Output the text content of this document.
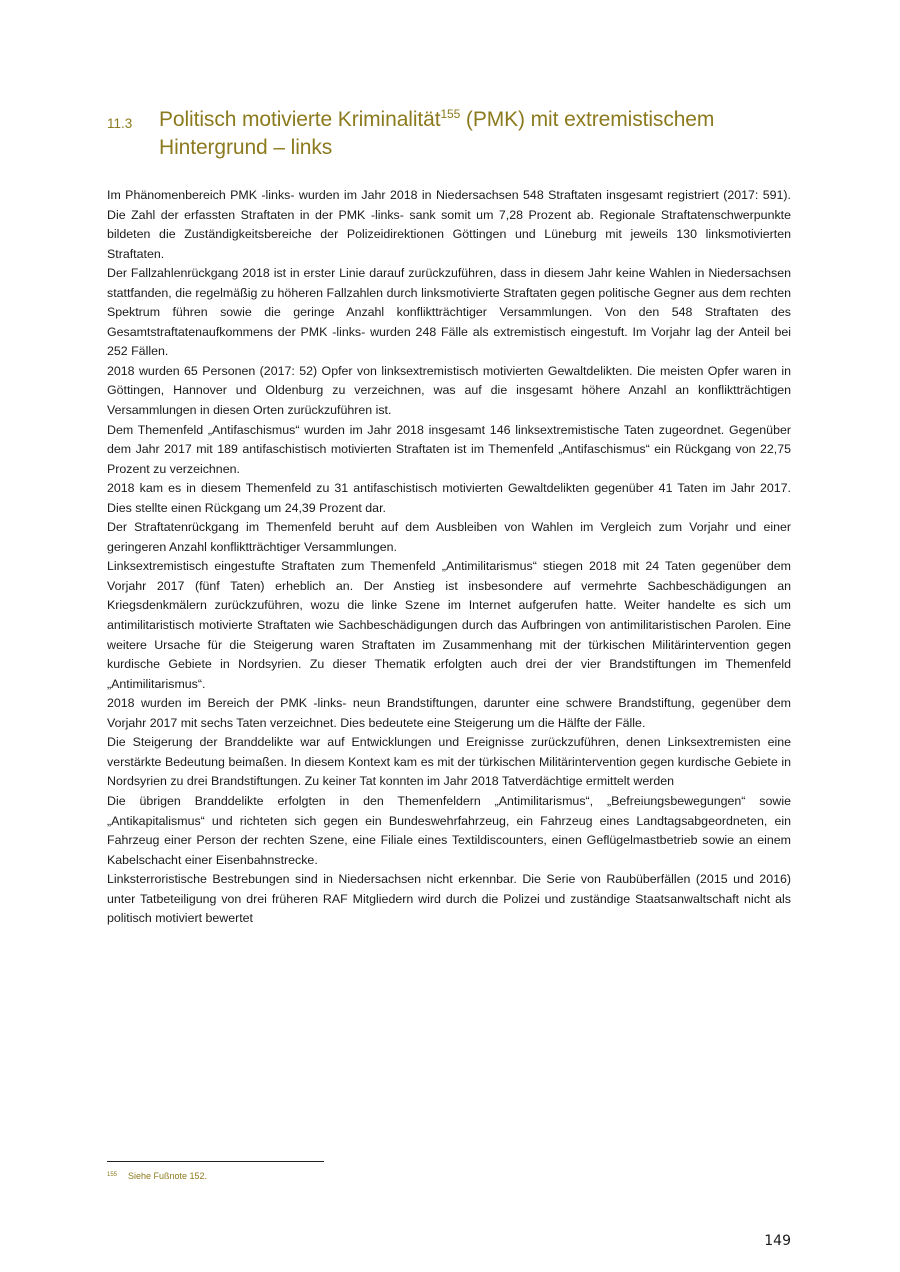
11.3	Politisch motivierte Kriminalität$^{155}$ (PMK) mit extremistischem Hintergrund – links

Im Phänomenbereich PMK -links- wurden im Jahr 2018 in Niedersachsen 548 Straftaten insgesamt registriert (2017: 591). Die Zahl der erfassten Straftaten in der PMK -links- sank somit um 7,28 Prozent ab. Regionale Straftatenschwerpunkte bildeten die Zuständigkeitsbereiche der Polizeidirektionen Göttingen und Lüneburg mit jeweils 130 linksmotivierten Straftaten.

Der Fallzahlenrückgang 2018 ist in erster Linie darauf zurückzuführen, dass in diesem Jahr keine Wahlen in Niedersachsen stattfanden, die regelmäßig zu höheren Fallzahlen durch linksmotivierte Straftaten gegen politische Gegner aus dem rechten Spektrum führen sowie die geringe Anzahl konfliktträchtiger Versammlungen. Von den 548 Straftaten des Gesamtstraftatenaufkommens der PMK -links- wurden 248 Fälle als extremistisch eingestuft. Im Vorjahr lag der Anteil bei 252 Fällen.

2018 wurden 65 Personen (2017: 52) Opfer von linksextremistisch motivierten Gewaltdelikten. Die meisten Opfer waren in Göttingen, Hannover und Oldenburg zu verzeichnen, was auf die insgesamt höhere Anzahl an konfliktträchtigen Versammlungen in diesen Orten zurückzuführen ist.

Dem Themenfeld „Antifaschismus“ wurden im Jahr 2018 insgesamt 146 linksextremistische Taten zugeordnet. Gegenüber dem Jahr 2017 mit 189 antifaschistisch motivierten Straftaten ist im Themenfeld „Antifaschismus“ ein Rückgang von 22,75 Prozent zu verzeichnen.

2018 kam es in diesem Themenfeld zu 31 antifaschistisch motivierten Gewaltdelikten gegenüber 41 Taten im Jahr 2017. Dies stellte einen Rückgang um 24,39 Prozent dar.

Der Straftatenrückgang im Themenfeld beruht auf dem Ausbleiben von Wahlen im Vergleich zum Vorjahr und einer geringeren Anzahl konfliktträchtiger Versammlungen.

Linksextremistisch eingestufte Straftaten zum Themenfeld „Antimilitarismus“ stiegen 2018 mit 24 Taten gegenüber dem Vorjahr 2017 (fünf Taten) erheblich an. Der Anstieg ist insbesondere auf vermehrte Sachbeschädigungen an Kriegsdenkmälern zurückzuführen, wozu die linke Szene im Internet aufgerufen hatte. Weiter handelte es sich um antimilitaristisch motivierte Straftaten wie Sachbeschädigungen durch das Aufbringen von antimilitaristischen Parolen. Eine weitere Ursache für die Steigerung waren Straftaten im Zusammenhang mit der türkischen Militärintervention gegen kurdische Gebiete in Nordsyrien. Zu dieser Thematik erfolgten auch drei der vier Brandstiftungen im Themenfeld „Antimilitarismus“.

2018 wurden im Bereich der PMK -links- neun Brandstiftungen, darunter eine schwere Brandstiftung, gegenüber dem Vorjahr 2017 mit sechs Taten verzeichnet. Dies bedeutete eine Steigerung um die Hälfte der Fälle.

Die Steigerung der Branddelikte war auf Entwicklungen und Ereignisse zurückzuführen, denen Linksextremisten eine verstärkte Bedeutung beimaßen. In diesem Kontext kam es mit der türkischen Militärintervention gegen kurdische Gebiete in Nordsyrien zu drei Brandstiftungen. Zu keiner Tat konnten im Jahr 2018 Tatverdächtige ermittelt werden

Die übrigen Branddelikte erfolgten in den Themenfeldern „Antimilitarismus“, „Befreiungsbewegungen“ sowie „Antikapitalismus“ und richteten sich gegen ein Bundeswehrfahrzeug, ein Fahrzeug eines Landtagsabgeordneten, ein Fahrzeug einer Person der rechten Szene, eine Filiale eines Textildiscounters, einen Geflügelmastbetrieb sowie an einem Kabelschacht einer Eisenbahnstrecke.

Linksterroristische Bestrebungen sind in Niedersachsen nicht erkennbar. Die Serie von Raubüberfällen (2015 und 2016) unter Tatbeteiligung von drei früheren RAF Mitgliedern wird durch die Polizei und zuständige Staatsanwaltschaft nicht als politisch motiviert bewertet

155	Siehe Fußnote 152.
149
